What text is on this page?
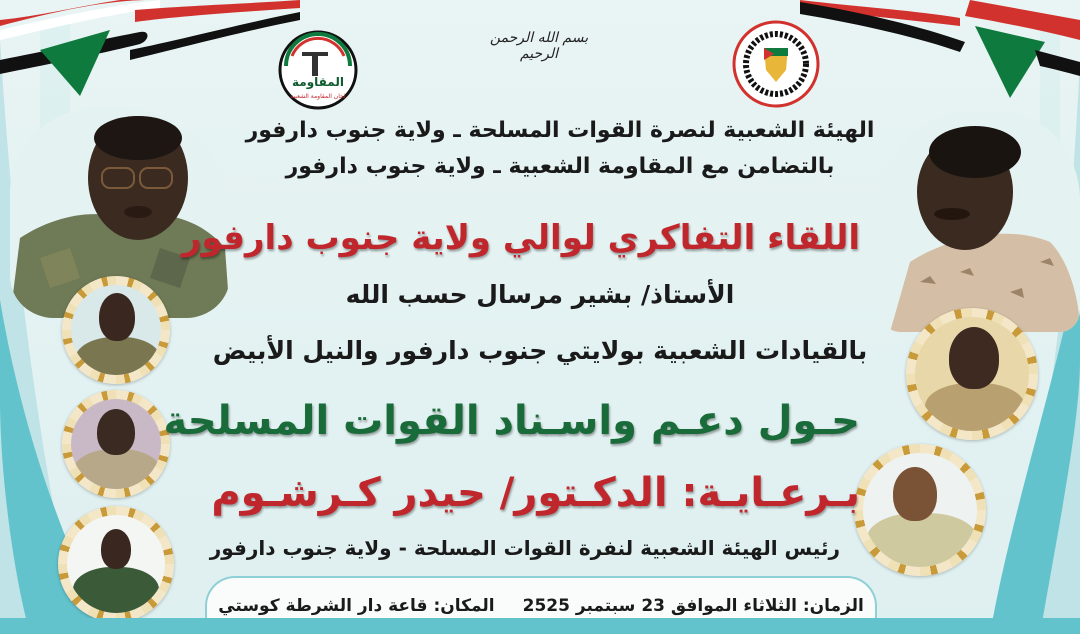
المقاومة
لجان المقاومة الشعبية
بسم الله الرحمن الرحيم
الهيئة الشعبية لنصرة القوات المسلحة ـ ولاية جنوب دارفور
بالتضامن مع المقاومة الشعبية ـ ولاية جنوب دارفور
اللقاء التفاكري لوالي ولاية جنوب دارفور
الأستاذ/ بشير مرسال حسب الله
بالقيادات الشعبية بولايتي جنوب دارفور والنيل الأبيض
حـول دعـم واسـناد القوات المسلحة
بـرعـايـة: الدكـتور/ حيدر كـرشـوم
رئيس الهيئة الشعبية لنفرة القوات المسلحة - ولاية جنوب دارفور
الزمان: الثلاثاء الموافق 23 سبتمبر 2525
المكان: قاعة دار الشرطة كوستي
